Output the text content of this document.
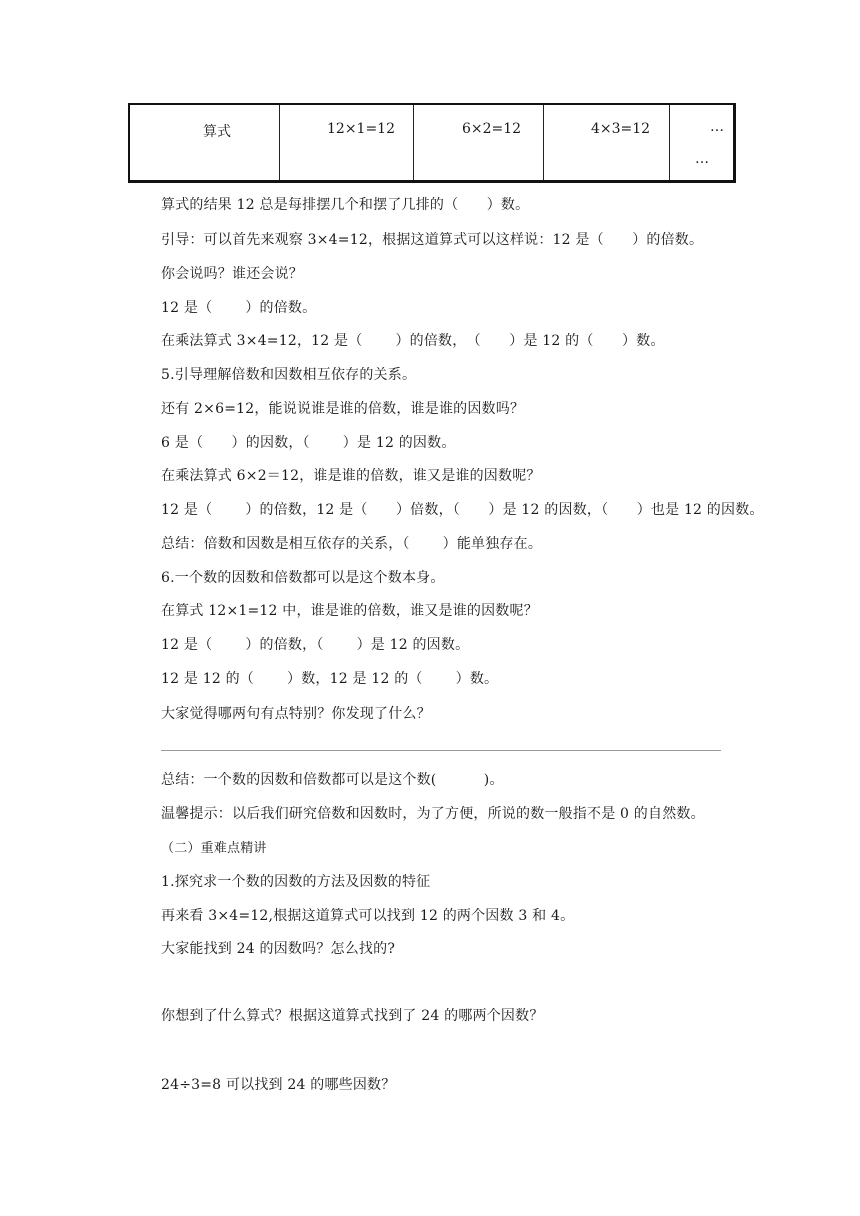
算式	12×1=12	6×2=12	4×3=12	…
…
算式的结果 12 总是每排摆几个和摆了几排的（　　）数。
引导：可以首先来观察 3×4=12，根据这道算式可以这样说：12 是（　　）的倍数。
你会说吗？谁还会说？
12 是（　　 ）的倍数。
在乘法算式 3×4=12，12 是（　　 ）的倍数，　（　　）是 12 的（　　）数。
5.引导理解倍数和因数相互依存的关系。
还有 2×6=12，能说说谁是谁的倍数，谁是谁的因数吗？
6 是（　　）的因数，（　　 ）是 12 的因数。
在乘法算式 6×2＝12，谁是谁的倍数，谁又是谁的因数呢？
12 是（　　 ）的倍数，12 是（　　）倍数，（　　）是 12 的因数，（　　）也是 12 的因数。
总结：倍数和因数是相互依存的关系，（　　 ）能单独存在。
6.一个数的因数和倍数都可以是这个数本身。
在算式 12×1=12 中，谁是谁的倍数，谁又是谁的因数呢？
12 是（　　 ）的倍数，（　　 ）是 12 的因数。
12 是 12 的（　　 ）数，12 是 12 的（　　 ）数。
大家觉得哪两句有点特别？你发现了什么？
总结：一个数的因数和倍数都可以是这个数(　　　 )。
温馨提示：以后我们研究倍数和因数时，为了方便，所说的数一般指不是 0 的自然数。
（二）重难点精讲
1.探究求一个数的因数的方法及因数的特征
再来看 3×4=12,根据这道算式可以找到 12 的两个因数 3 和 4。
大家能找到 24 的因数吗？怎么找的?
你想到了什么算式？根据这道算式找到了 24 的哪两个因数？
24÷3=8 可以找到 24 的哪些因数？
